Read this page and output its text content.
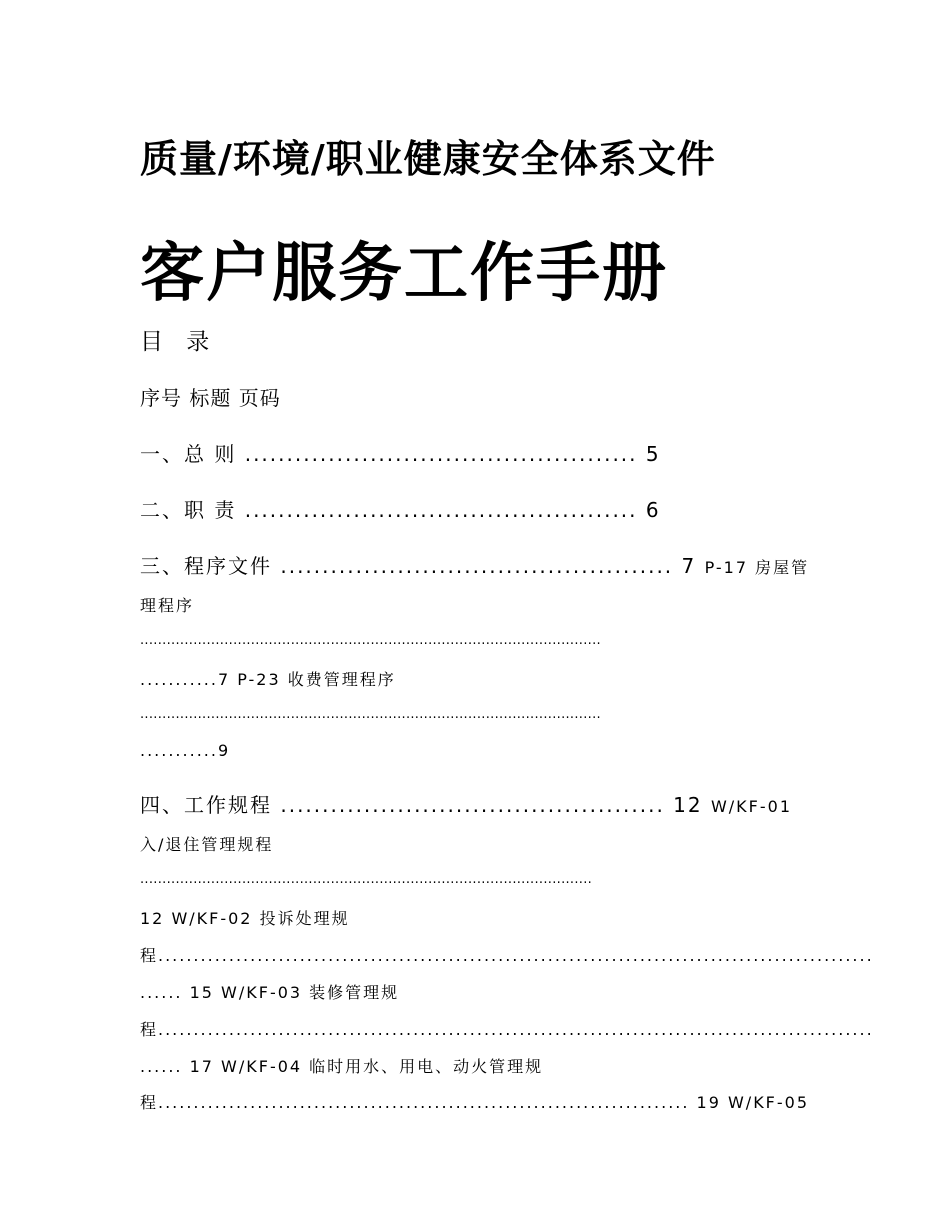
质量/环境/职业健康安全体系文件
客户服务工作手册
目 录
序号 标题 页码
一、总 则 ............................................... 5
二、职 责 ............................................... 6
三、程序文件 ............................................... 7 P-17 房屋管
理程序
........................................................................................................
...........7 P-23 收费管理程序
........................................................................................................
...........9
四、工作规程 .............................................. 12 W/KF-01
入/退住管理规程
......................................................................................................
12 W/KF-02 投诉处理规
程.....................................................................................................
...... 15 W/KF-03 装修管理规
程.....................................................................................................
...... 17 W/KF-04 临时用水、用电、动火管理规
程........................................................................... 19 W/KF-05
